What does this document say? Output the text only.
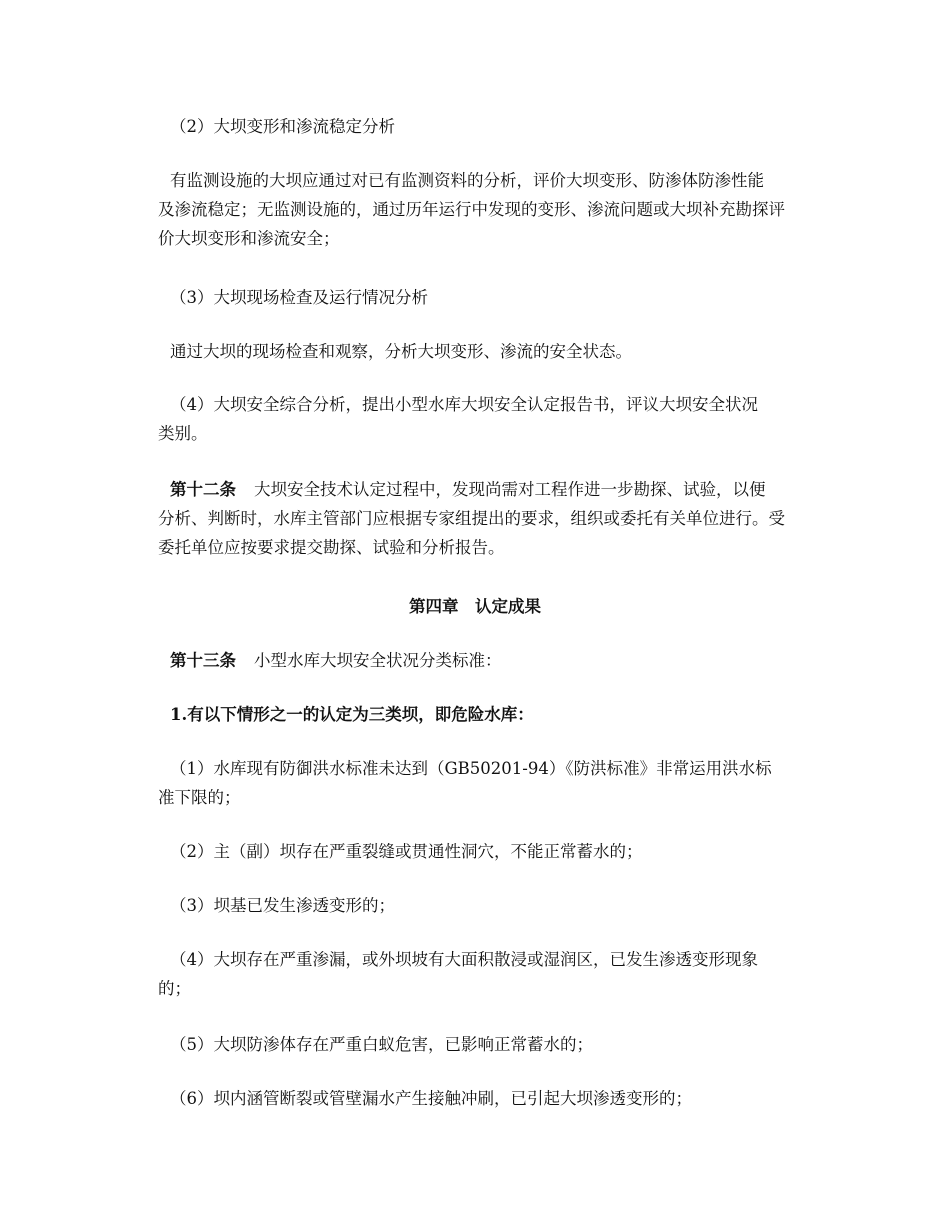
（2）大坝变形和渗流稳定分析

有监测设施的大坝应通过对已有监测资料的分析，评价大坝变形、防渗体防渗性能
及渗流稳定；无监测设施的，通过历年运行中发现的变形、渗流问题或大坝补充勘探评
价大坝变形和渗流安全；

（3）大坝现场检查及运行情况分析

通过大坝的现场检查和观察，分析大坝变形、渗流的安全状态。

（4）大坝安全综合分析，提出小型水库大坝安全认定报告书，评议大坝安全状况
类别。

第十二条 大坝安全技术认定过程中，发现尚需对工程作进一步勘探、试验，以便
分析、判断时，水库主管部门应根据专家组提出的要求，组织或委托有关单位进行。受
委托单位应按要求提交勘探、试验和分析报告。

第四章　认定成果

第十三条 小型水库大坝安全状况分类标准：

1.有以下情形之一的认定为三类坝，即危险水库：

（1）水库现有防御洪水标准未达到（GB50201-94）《防洪标准》非常运用洪水标
准下限的；

（2）主（副）坝存在严重裂缝或贯通性洞穴，不能正常蓄水的；

（3）坝基已发生渗透变形的；

（4）大坝存在严重渗漏，或外坝坡有大面积散浸或湿润区，已发生渗透变形现象
的；

（5）大坝防渗体存在严重白蚁危害，已影响正常蓄水的；

（6）坝内涵管断裂或管壁漏水产生接触冲刷，已引起大坝渗透变形的；
